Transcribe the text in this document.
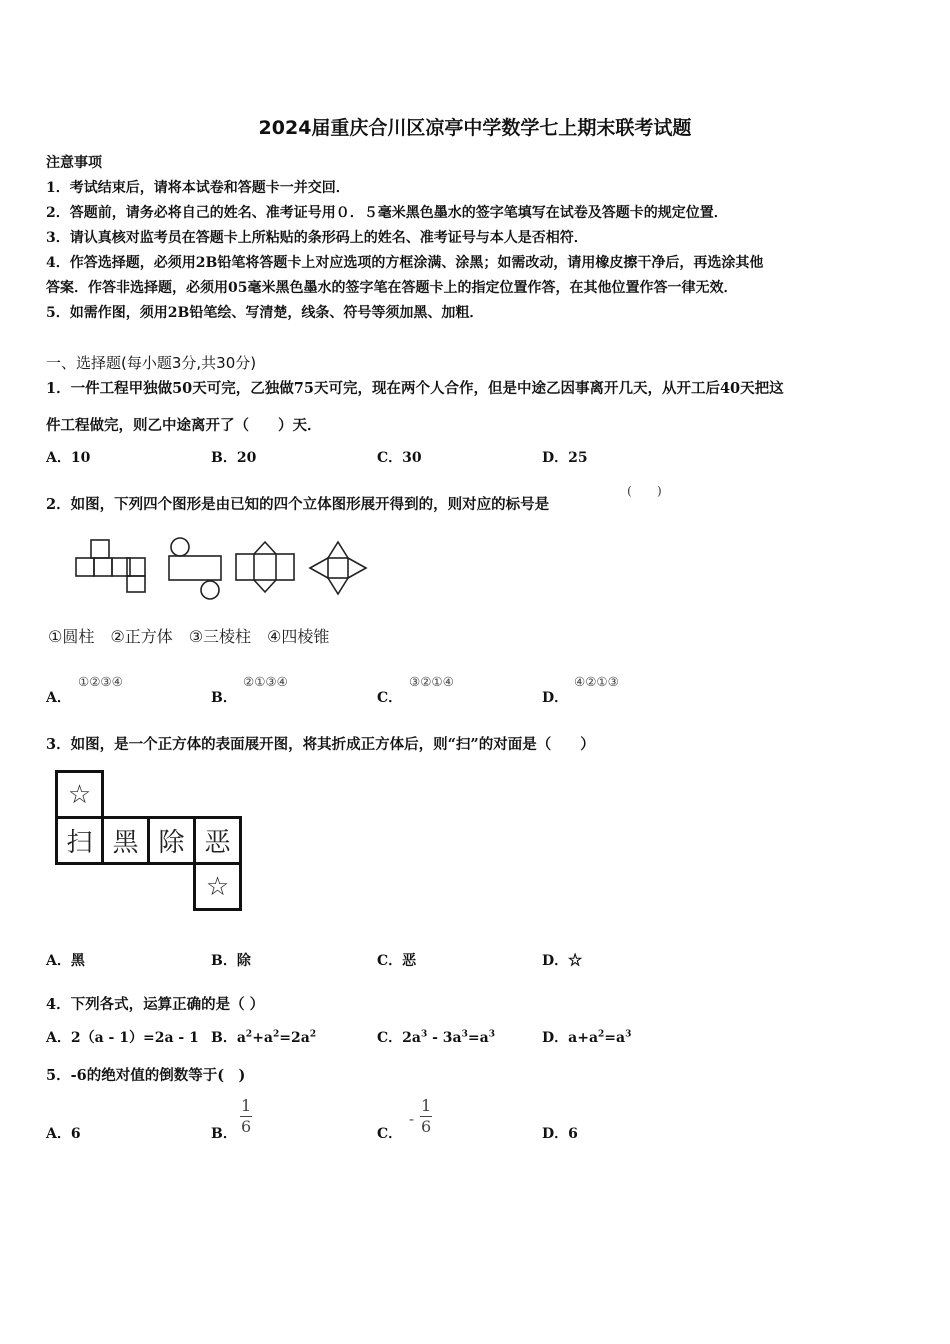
2024届重庆合川区凉亭中学数学七上期末联考试题
注意事项
1．考试结束后，请将本试卷和答题卡一并交回．
2．答题前，请务必将自己的姓名、准考证号用０．５毫米黑色墨水的签字笔填写在试卷及答题卡的规定位置．
3．请认真核对监考员在答题卡上所粘贴的条形码上的姓名、准考证号与本人是否相符．
4．作答选择题，必须用2B铅笔将答题卡上对应选项的方框涂满、涂黑；如需改动，请用橡皮擦干净后，再选涂其他
答案．作答非选择题，必须用05毫米黑色墨水的签字笔在答题卡上的指定位置作答，在其他位置作答一律无效．
5．如需作图，须用2B铅笔绘、写清楚，线条、符号等须加黑、加粗．
一、选择题(每小题3分,共30分)
1．一件工程甲独做50天可完，乙独做75天可完，现在两个人合作，但是中途乙因事离开几天，从开工后40天把这
件工程做完，则乙中途离开了（　　）天．
A．10	B．20	C．30	D．25
2．如图，下列四个图形是由已知的四个立体图形展开得到的，则对应的标号是
(　　)
①圆柱　②正方体　③三棱柱　④四棱锥
A．
①②③④
B．
②①③④
C．
③②①④
D．
④②①③
3．如图，是一个正方体的表面展开图，将其折成正方体后，则“扫”的对面是（　　）
☆
扫 黑 除 恶
☆
A．黑	B．除	C．恶	D．☆
4．下列各式，运算正确的是（ ）
A．2（a - 1）=2a - 1 B．$a^2+a^2=2a^2$	C．$2a^3 - 3a^3=a^3$	D．$a+a^2=a^3$
5．-6的绝对值的倒数等于(　)
A．6	B． $\frac{1}{6}$	C．
- $\frac{1}{6}$	D．6
